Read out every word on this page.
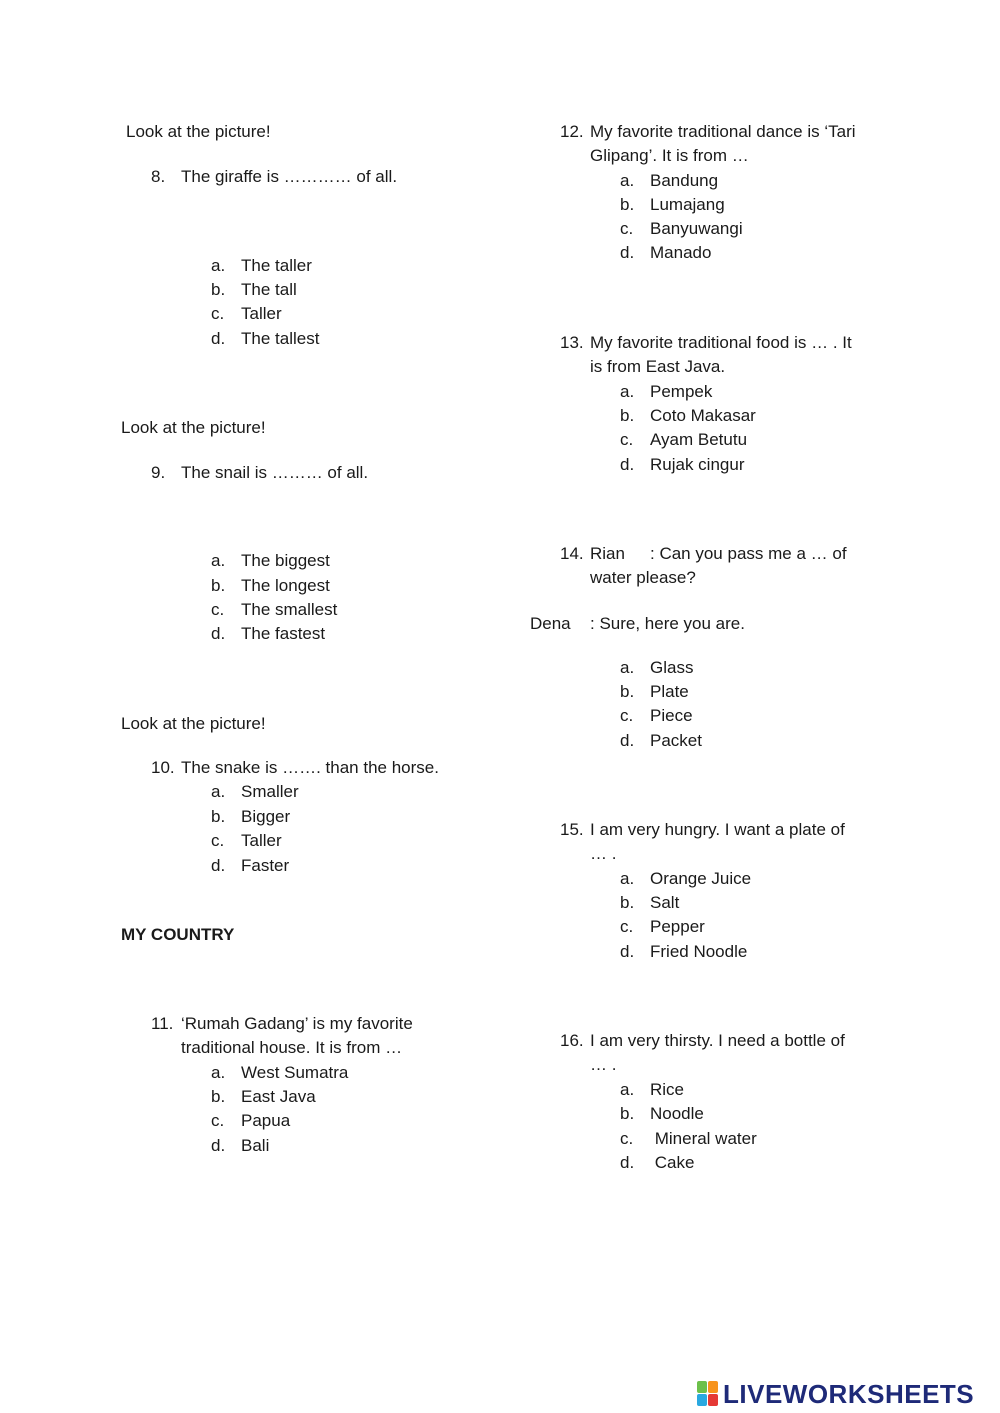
Look at the picture!
8. The giraffe is ………… of all.
a. The taller
b. The tall
c. Taller
d. The tallest
Look at the picture!
9. The snail is ……… of all.
a. The biggest
b. The longest
c. The smallest
d. The fastest
Look at the picture!
10. The snake is ……. than the horse.
a. Smaller
b. Bigger
c. Taller
d. Faster
MY COUNTRY
11. ‘Rumah Gadang’ is my favorite
traditional house. It is from …
a. West Sumatra
b. East Java
c. Papua
d. Bali
12. My favorite traditional dance is ‘Tari
Glipang’. It is from …
a. Bandung
b. Lumajang
c. Banyuwangi
d. Manado
13. My favorite traditional food is … . It
is from East Java.
a. Pempek
b. Coto Makasar
c. Ayam Betutu
d. Rujak cingur
14. Rian : Can you pass me a … of
water please?
Dena : Sure, here you are.
a. Glass
b. Plate
c. Piece
d. Packet
15. I am very hungry. I want a plate of
… .
a. Orange Juice
b. Salt
c. Pepper
d. Fried Noodle
16. I am very thirsty. I need a bottle of
… .
a. Rice
b. Noodle
c. Mineral water
d. Cake
LIVEWORKSHEETS
